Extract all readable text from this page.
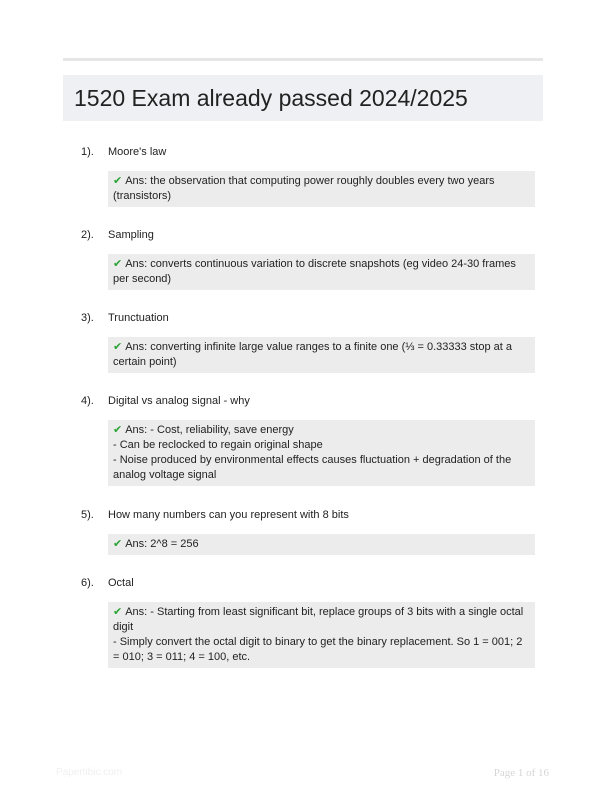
1520 Exam already passed 2024/2025
1).	Moore's law
✔ Ans: the observation that computing power roughly doubles every two years (transistors)
2).	Sampling
✔ Ans: converts continuous variation to discrete snapshots (eg video 24-30 frames per second)
3).	Trunctuation
✔ Ans: converting infinite large value ranges to a finite one (⅓ = 0.33333 stop at a certain point)
4).	Digital vs analog signal - why
✔ Ans: - Cost, reliability, save energy
- Can be reclocked to regain original shape
- Noise produced by environmental effects causes fluctuation + degradation of the analog voltage signal
5).	How many numbers can you represent with 8 bits
✔ Ans: 2^8 = 256
6).	Octal
✔ Ans: - Starting from least significant bit, replace groups of 3 bits with a single octal digit
- Simply convert the octal digit to binary to get the binary replacement. So 1 = 001; 2 = 010; 3 = 011; 4 = 100, etc.
Papertibic.com	Page 1 of 16
